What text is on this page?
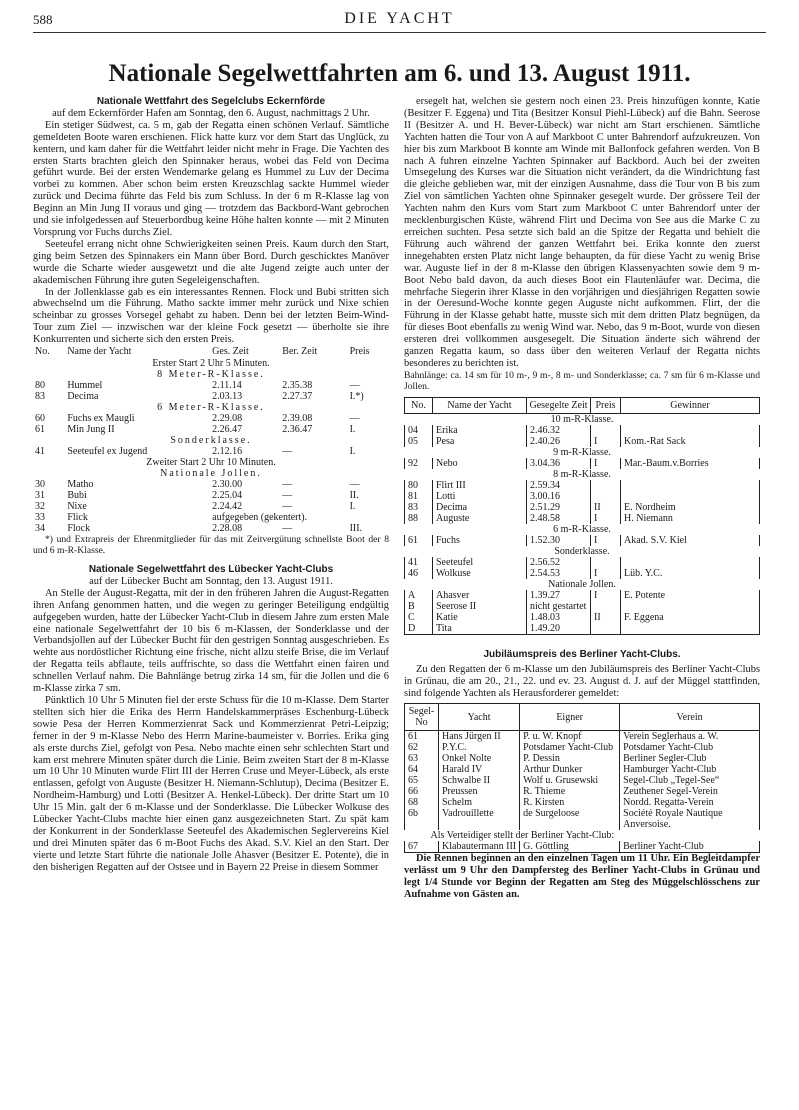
588	DIE YACHT
Nationale Segelwettfahrten am 6. und 13. August 1911.
Nationale Wettfahrt des Segelclubs Eckernförde

auf dem Eckernförder Hafen am Sonntag, den 6. August, nachmittags 2 Uhr.

Ein stetiger Südwest, ca. 5 m, gab der Regatta einen schönen Verlauf. Sämtliche gemeldeten Boote waren erschienen. Flick hatte kurz vor dem Start das Unglück, zu kentern, und kam daher für die Wettfahrt leider nicht mehr in Frage. Die Yachten des ersten Starts brachten gleich den Spinnaker heraus, wobei das Feld von Decima geführt wurde. Bei der ersten Wendemarke gelang es Hummel zu Luv der Decima vorbei zu kommen. Aber schon beim ersten Kreuzschlag sackte Hummel wieder zurück und Decima führte das Feld bis zum Schluss. In der 6 m R-Klasse lag von Beginn an Min Jung II voraus und ging — trotzdem das Backbord-Want gebrochen und sie infolgedessen auf Steuerbordbug keine Höhe halten konnte — mit 2 Minuten Vorsprung vor Fuchs durchs Ziel.

Seeteufel errang nicht ohne Schwierigkeiten seinen Preis. Kaum durch den Start, ging beim Setzen des Spinnakers ein Mann über Bord. Durch geschicktes Manöver wurde die Scharte wieder ausgewetzt und die alte Jugend zeigte auch unter der akademischen Führung ihre guten Segeleigenschaften.

In der Jollenklasse gab es ein interessantes Rennen. Flock und Bubi stritten sich abwechselnd um die Führung. Matho sackte immer mehr zurück und Nixe schien scheinbar zu grosses Vorsegel gehabt zu haben. Denn bei der letzten Beim-Wind-Tour zum Ziel — inzwischen war der kleine Fock gesetzt — überholte sie ihre Konkurrenten und sicherte sich den ersten Preis.

No.	Name der Yacht	Ges. Zeit	Ber. Zeit	Preis
Erster Start 2 Uhr 5 Minuten.				
8 Meter-R-Klasse.				
80	Hummel	2.11.14	2.35.38	—
83	Decima	2.03.13	2.27.37	I.*)
6 Meter-R-Klasse.				
60	Fuchs ex Maugli	2.29.08	2.39.08	—
61	Min Jung II	2.26.47	2.36.47	I.
Sonderklasse.				
41	Seeteufel ex Jugend	2.12.16	—	I.
Zweiter Start 2 Uhr 10 Minuten.				
Nationale Jollen.				
30	Matho	2.30.00	—	—
31	Bubi	2.25.04	—	II.
32	Nixe	2.24.42	—	I.
33	Flick	aufgegeben (gekentert).		
34	Flock	2.28.08	—	III.

*) und Extrapreis der Ehrenmitglieder für das mit Zeitvergütung schnellste Boot der 8 und 6 m-R-Klasse.

Nationale Segelwettfahrt des Lübecker Yacht-Clubs

auf der Lübecker Bucht am Sonntag, den 13. August 1911.

An Stelle der August-Regatta, mit der in den früheren Jahren die August-Regatten ihren Anfang genommen hatten, und die wegen zu geringer Beteiligung endgültig aufgegeben wurden, hatte der Lübecker Yacht-Club in diesem Jahre zum ersten Male eine nationale Segelwettfahrt der 10 bis 6 m-Klassen, der Sonderklasse und der Verbandsjollen auf der Lübecker Bucht für den gestrigen Sonntag ausgeschrieben. Es wehte aus nordöstlicher Richtung eine frische, nicht allzu steife Brise, die im Verlauf der Regatta teils abflaute, teils auffrischte, so dass die Wettfahrt einen fairen und schnellen Verlauf nahm. Die Bahnlänge betrug zirka 14 sm, für die Jollen und die 6 m-Klasse zirka 7 sm.

Pünktlich 10 Uhr 5 Minuten fiel der erste Schuss für die 10 m-Klasse. Dem Starter stellten sich hier die Erika des Herrn Handelskammerpräses Eschenburg-Lübeck sowie Pesa der Herren Kommerzienrat Sack und Kommerzienrat Petri-Leipzig; ferner in der 9 m-Klasse Nebo des Herrn Marine-baumeister v. Borries. Erika ging als erste durchs Ziel, gefolgt von Pesa. Nebo machte einen sehr schlechten Start und kam erst mehrere Minuten später durch die Linie. Beim zweiten Start der 8 m-Klasse um 10 Uhr 10 Minuten wurde Flirt III der Herren Cruse und Meyer-Lübeck, als erste entlassen, gefolgt von Auguste (Besitzer H. Niemann-Schlutup), Decima (Besitzer E. Nordheim-Hamburg) und Lotti (Besitzer A. Henkel-Lübeck). Der dritte Start um 10 Uhr 15 Min. galt der 6 m-Klasse und der Sonderklasse. Die Lübecker Wolkuse des Lübecker Yacht-Clubs machte hier einen ganz ausgezeichneten Start. Zu spät kam der Konkurrent in der Sonderklasse Seeteufel des Akademischen Seglervereins Kiel und drei Minuten später das 6 m-Boot Fuchs des Akad. S.V. Kiel an den Start. Der vierte und letzte Start führte die nationale Jolle Ahasver (Besitzer E. Potente), die in den bisherigen Regatten auf der Ostsee und in Bayern 22 Preise in diesem Sommer

ersegelt hat, welchen sie gestern noch einen 23. Preis hinzufügen konnte, Katie (Besitzer F. Eggena) und Tita (Besitzer Konsul Piehl-Lübeck) auf die Bahn. Seerose II (Besitzer A. und H. Bever-Lübeck) war nicht am Start erschienen. Sämtliche Yachten hatten die Tour von A auf Markboot C unter Bahrendorf aufzukreuzen. Von hier bis zum Markboot B konnte am Winde mit Ballonfock gefahren werden. Von B nach A fuhren einzelne Yachten Spinnaker auf Backbord. Auch bei der zweiten Umsegelung des Kurses war die Situation nicht verändert, da die Windrichtung fast die gleiche geblieben war, mit der einzigen Ausnahme, dass die Tour von B bis zum Ziel von sämtlichen Yachten ohne Spinnaker gesegelt wurde. Der grössere Teil der Yachten nahm den Kurs vom Start zum Markboot C unter Bahrendorf unter der mecklenburgischen Küste, während Flirt und Decima von See aus die Marke C zu erreichen suchten. Pesa setzte sich bald an die Spitze der Regatta und behielt die Führung auch während der ganzen Wettfahrt bei. Erika konnte den zuerst innegehabten ersten Platz nicht lange behaupten, da für diese Yacht zu wenig Brise war. Auguste lief in der 8 m-Klasse den übrigen Klassenyachten sowie dem 9 m-Boot Nebo bald davon, da auch dieses Boot ein Flautenläufer war. Decima, die mehrfache Siegerin ihrer Klasse in den vorjährigen und diesjährigen Regatten sowie in der Oeresund-Woche konnte gegen Auguste nicht aufkommen. Flirt, der die Führung in der Klasse gehabt hatte, musste sich mit dem dritten Platz begnügen, da für dieses Boot ebenfalls zu wenig Wind war. Nebo, das 9 m-Boot, wurde von diesen ersteren drei vollkommen ausgesegelt. Die Situation änderte sich während der ganzen Regatta kaum, so dass über den weiteren Verlauf der Regatta nichts besonderes zu berichten ist.

Bahnlänge: ca. 14 sm für 10 m-, 9 m-, 8 m- und Sonderklasse; ca. 7 sm für 6 m-Klasse und Jollen.

No.	Name der Yacht	Gesegelte Zeit	Preis	Gewinner
10 m-R-Klasse.				
04	Erika	2.46.32		
05	Pesa	2.40.26	I	Kom.-Rat Sack
9 m-R-Klasse.				
92	Nebo	3.04.36	I	Mar.-Baum.v.Borries
8 m-R-Klasse.				
80	Flirt III	2.59.34		
81	Lotti	3.00.16		
83	Decima	2.51.29	II	E. Nordheim
88	Auguste	2.48.58	I	H. Niemann
6 m-R-Klasse.				
61	Fuchs	1.52.30	I	Akad. S.V. Kiel
Sonderklasse.				
41	Seeteufel	2.56.52		
46	Wolkuse	2.54.53	I	Lüb. Y.C.
Nationale Jollen.				
A	Ahasver	1.39.27	I	E. Potente
B	Seerose II	nicht gestartet		
C	Katie	1.48.03	II	F. Eggena
D	Tita	1.49.20		
Jubiläumspreis des Berliner Yacht-Clubs.

Zu den Regatten der 6 m-Klasse um den Jubiläumspreis des Berliner Yacht-Clubs in Grünau, die am 20., 21., 22. und ev. 23. August d. J. auf der Müggel stattfinden, sind folgende Yachten als Herausforderer gemeldet:

Segel-No	Yacht	Eigner	Verein
61	Hans Jürgen II	P. u. W. Knopf	Verein Seglerhaus a. W.
62	P.Y.C.	Potsdamer Yacht-Club	Potsdamer Yacht-Club
63	Onkel Nolte	P. Dessin	Berliner Segler-Club
64	Harald IV	Arthur Dunker	Hamburger Yacht-Club
65	Schwalbe II	Wolf u. Grusewski	Segel-Club „Tegel-See“
66	Preussen	R. Thieme	Zeuthener Segel-Verein
68	Schelm	R. Kirsten	Nordd. Regatta-Verein
6b	Vadrouillette	de Surgeloose	Société Royale Nautique
			Anversoise.
Als Verteidiger stellt der Berliner Yacht-Club:			
67	Klabautermann III	G. Göttling	Berliner Yacht-Club

Die Rennen beginnen an den einzelnen Tagen um 11 Uhr. Ein Begleitdampfer verlässt um 9 Uhr den Dampfersteg des Berliner Yacht-Clubs in Grünau und legt 1/4 Stunde vor Beginn der Regatten am Steg des Müggelschlösschens zur Aufnahme von Gästen an.
